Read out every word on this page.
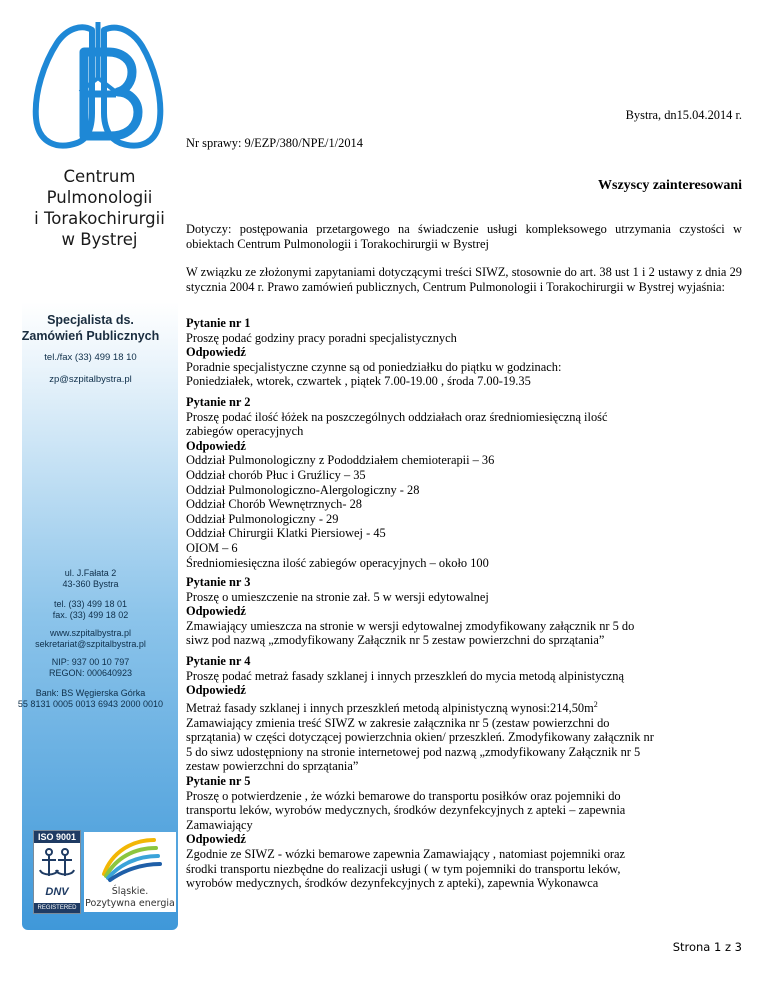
Centrum
Pulmonologii
i Torakochirurgii
w Bystrej
Specjalista ds.
Zamówień Publicznych
tel./fax (33) 499 18 10
zp@szpitalbystra.pl
ul. J.Fałata 2
43-360 Bystra
tel. (33) 499 18 01
fax. (33) 499 18 02
www.szpitalbystra.pl
sekretariat@szpitalbystra.pl
NIP: 937 00 10 797
REGON: 000640923
Bank: BS Węgierska Górka
55 8131 0005 0013 6943 2000 0010
ISO 9001
DNV
REGISTERED
Śląskie.
Pozytywna energia
Bystra, dn15.04.2014 r.
Nr sprawy: 9/EZP/380/NPE/1/2014
Wszyscy zainteresowani
Dotyczy: postępowania przetargowego na świadczenie usługi kompleksowego utrzymania czystości w obiektach Centrum Pulmonologii i Torakochirurgii w Bystrej
W związku ze złożonymi zapytaniami dotyczącymi treści SIWZ, stosownie do art. 38 ust 1 i 2 ustawy z dnia 29 stycznia 2004 r. Prawo zamówień publicznych, Centrum Pulmonologii i Torakochirurgii w Bystrej wyjaśnia:

Pytanie nr 1

Proszę podać godziny pracy poradni specjalistycznych

Odpowiedź

Poradnie specjalistyczne czynne są od poniedziałku do piątku w godzinach:

Poniedziałek, wtorek, czwartek , piątek 7.00-19.00 , środa 7.00-19.35

Pytanie nr 2

Proszę podać ilość łóżek na poszczególnych oddziałach oraz średniomiesięczną ilość

zabiegów operacyjnych

Odpowiedź

Oddział Pulmonologiczny z Pododdziałem chemioterapii – 36

Oddział chorób Płuc i Gruźlicy – 35

Oddział Pulmonologiczno-Alergologiczny - 28

Oddział Chorób Wewnętrznych- 28

Oddział Pulmonologiczny - 29

Oddział Chirurgii Klatki Piersiowej - 45

OIOM – 6

Średniomiesięczna ilość zabiegów operacyjnych – około 100

Pytanie nr 3

Proszę o umieszczenie na stronie zał. 5 w wersji edytowalnej

Odpowiedź

Zmawiający umieszcza na stronie w wersji edytowalnej zmodyfikowany załącznik nr 5 do

siwz pod nazwą „zmodyfikowany Załącznik nr 5 zestaw powierzchni do sprzątania”

Pytanie nr 4

Proszę podać metraż fasady szklanej i innych przeszkleń do mycia metodą alpinistyczną

Odpowiedź

Metraż fasady szklanej i innych przeszkleń metodą alpinistyczną $wynosi:214,50m^2$

Zamawiający zmienia treść SIWZ w zakresie załącznika nr 5 (zestaw powierzchni do

sprzątania) w części dotyczącej powierzchnia okien/ przeszkleń. Zmodyfikowany załącznik nr

5 do siwz udostępniony na stronie internetowej pod nazwą „zmodyfikowany Załącznik nr 5

zestaw powierzchni do sprzątania”

Pytanie nr 5

Proszę o potwierdzenie , że wózki bemarowe do transportu posiłków oraz pojemniki do

transportu leków, wyrobów medycznych, środków dezynfekcyjnych z apteki – zapewnia

Zamawiający

Odpowiedź

Zgodnie ze SIWZ - wózki bemarowe zapewnia Zamawiający , natomiast pojemniki oraz

środki transportu niezbędne do realizacji usługi ( w tym pojemniki do transportu leków,

wyrobów medycznych, środków dezynfekcyjnych z apteki), zapewnia Wykonawca

Strona 1 z 3
